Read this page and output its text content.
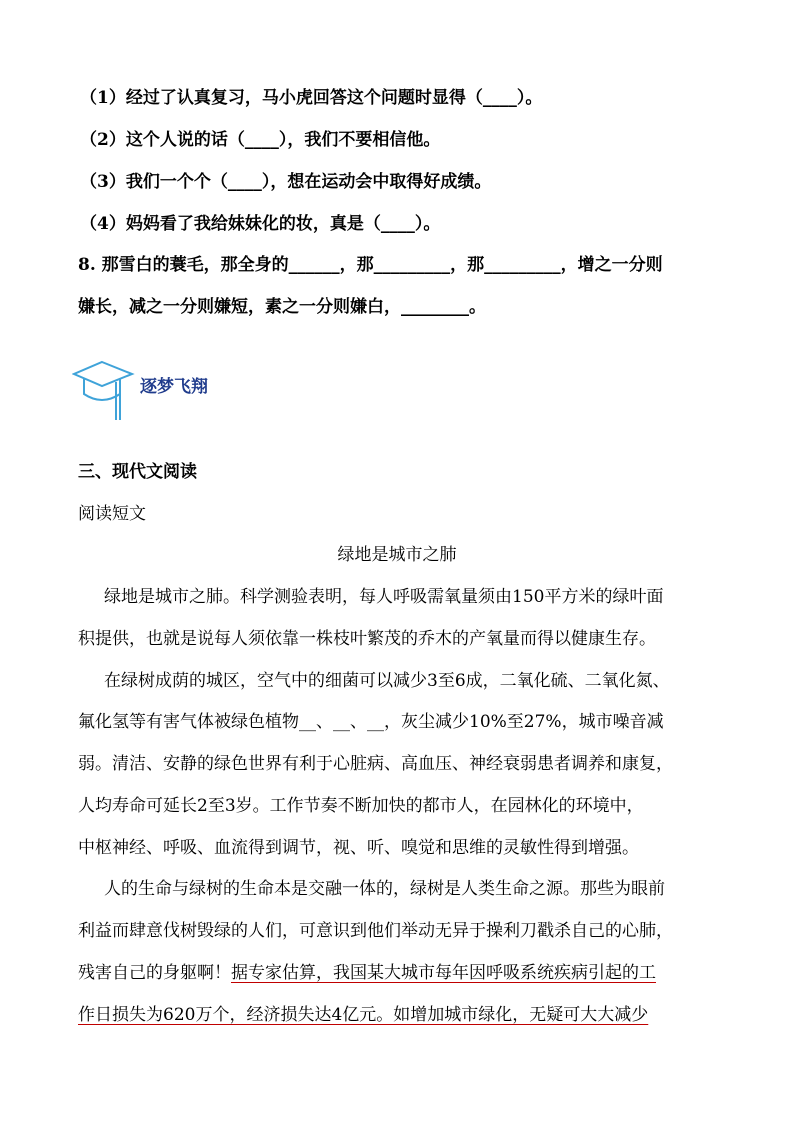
（1）经过了认真复习，马小虎回答这个问题时显得（____）。
（2）这个人说的话（____），我们不要相信他。
（3）我们一个个（____），想在运动会中取得好成绩。
（4）妈妈看了我给妹妹化的妆，真是（____）。
8. 那雪白的蓑毛，那全身的______，那_________，那_________，增之一分则
嫌长，减之一分则嫌短，素之一分则嫌白，________。
逐梦飞翔
三、现代文阅读
阅读短文
绿地是城市之肺
绿地是城市之肺。科学测验表明，每人呼吸需氧量须由150平方米的绿叶面
积提供，也就是说每人须依靠一株枝叶繁茂的乔木的产氧量而得以健康生存。
在绿树成荫的城区，空气中的细菌可以减少3至6成，二氧化硫、二氧化氮、
氟化氢等有害气体被绿色植物__、__、__，灰尘减少10%至27%，城市噪音减
弱。清洁、安静的绿色世界有利于心脏病、高血压、神经衰弱患者调养和康复，
人均寿命可延长2至3岁。工作节奏不断加快的都市人，在园林化的环境中，
中枢神经、呼吸、血流得到调节，视、听、嗅觉和思维的灵敏性得到增强。
人的生命与绿树的生命本是交融一体的，绿树是人类生命之源。那些为眼前
利益而肆意伐树毁绿的人们，可意识到他们举动无异于操利刀戳杀自己的心肺，
残害自己的身躯啊！据专家估算，我国某大城市每年因呼吸系统疾病引起的工
作日损失为620万个，经济损失达4亿元。如增加城市绿化，无疑可大大减少
